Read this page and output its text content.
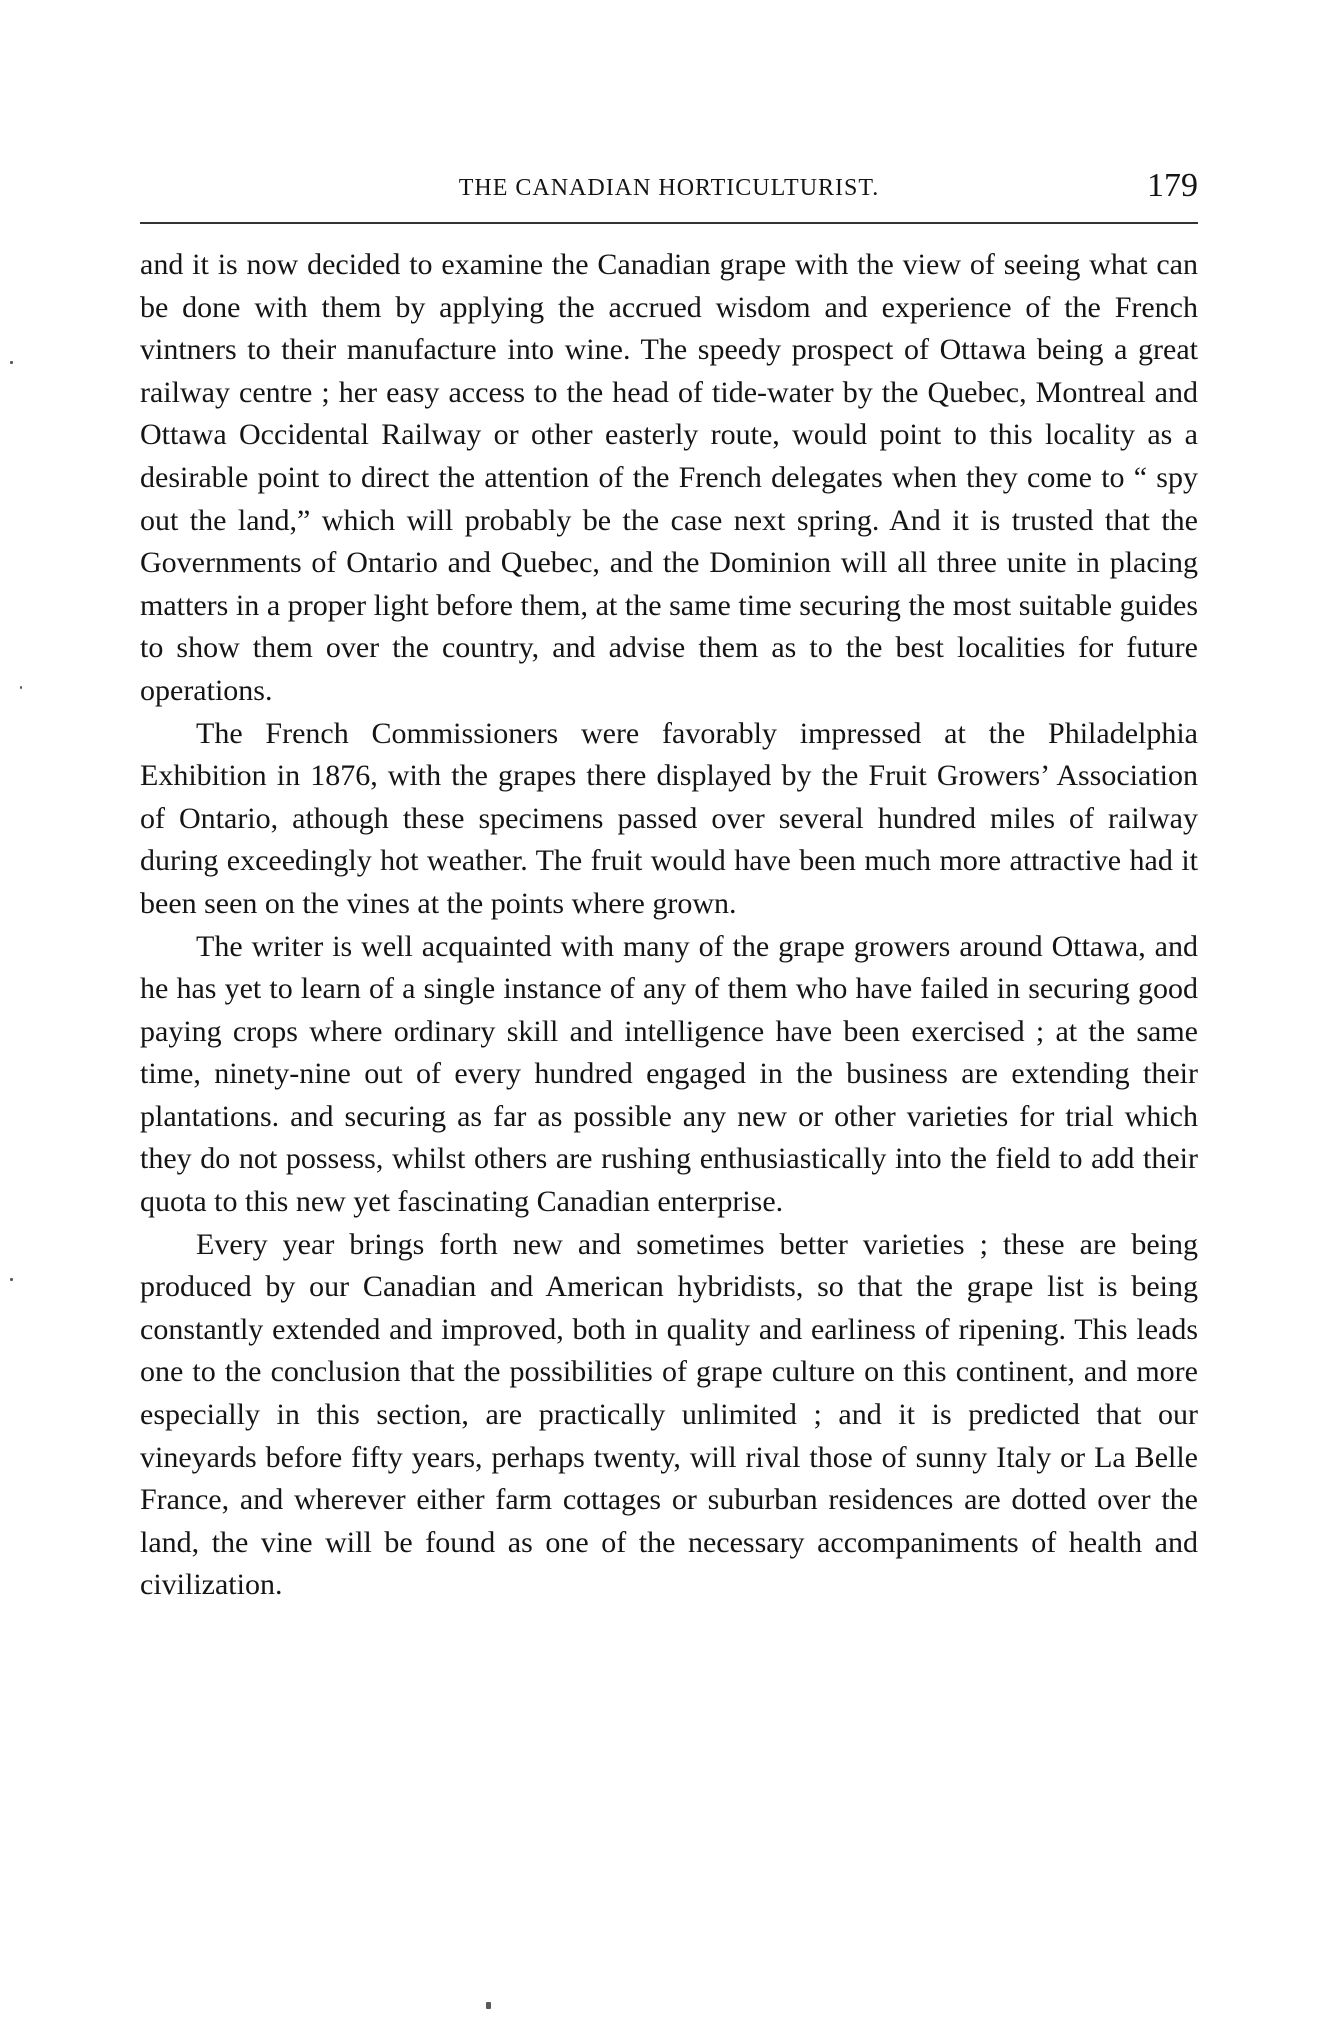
THE CANADIAN HORTICULTURIST.	179

and it is now decided to examine the Canadian grape with the view of seeing what can be done with them by applying the accrued wisdom and experience of the French vintners to their manufacture into wine. The speedy prospect of Ottawa being a great railway centre ; her easy access to the head of tide-water by the Quebec, Montreal and Ottawa Occidental Railway or other easterly route, would point to this locality as a desirable point to direct the attention of the French delegates when they come to “ spy out the land,” which will probably be the case next spring. And it is trusted that the Governments of Ontario and Quebec, and the Dominion will all three unite in placing matters in a proper light before them, at the same time securing the most suitable guides to show them over the country, and advise them as to the best localities for future operations.

The French Commissioners were favorably impressed at the Philadelphia Exhibition in 1876, with the grapes there displayed by the Fruit Growers’ Association of Ontario, athough these specimens passed over several hundred miles of railway during exceedingly hot weather. The fruit would have been much more attractive had it been seen on the vines at the points where grown.

The writer is well acquainted with many of the grape growers around Ottawa, and he has yet to learn of a single instance of any of them who have failed in securing good paying crops where ordinary skill and intelligence have been exercised ; at the same time, ninety-nine out of every hundred engaged in the business are extending their plantations. and securing as far as possible any new or other varieties for trial which they do not possess, whilst others are rushing enthusiastically into the field to add their quota to this new yet fascinating Canadian enterprise.

Every year brings forth new and sometimes better varieties ; these are being produced by our Canadian and American hybridists, so that the grape list is being constantly extended and improved, both in quality and earliness of ripening. This leads one to the conclusion that the possibilities of grape culture on this continent, and more especially in this section, are practically unlimited ; and it is predicted that our vineyards before fifty years, perhaps twenty, will rival those of sunny Italy or La Belle France, and wherever either farm cottages or suburban residences are dotted over the land, the vine will be found as one of the necessary accompaniments of health and civilization.
